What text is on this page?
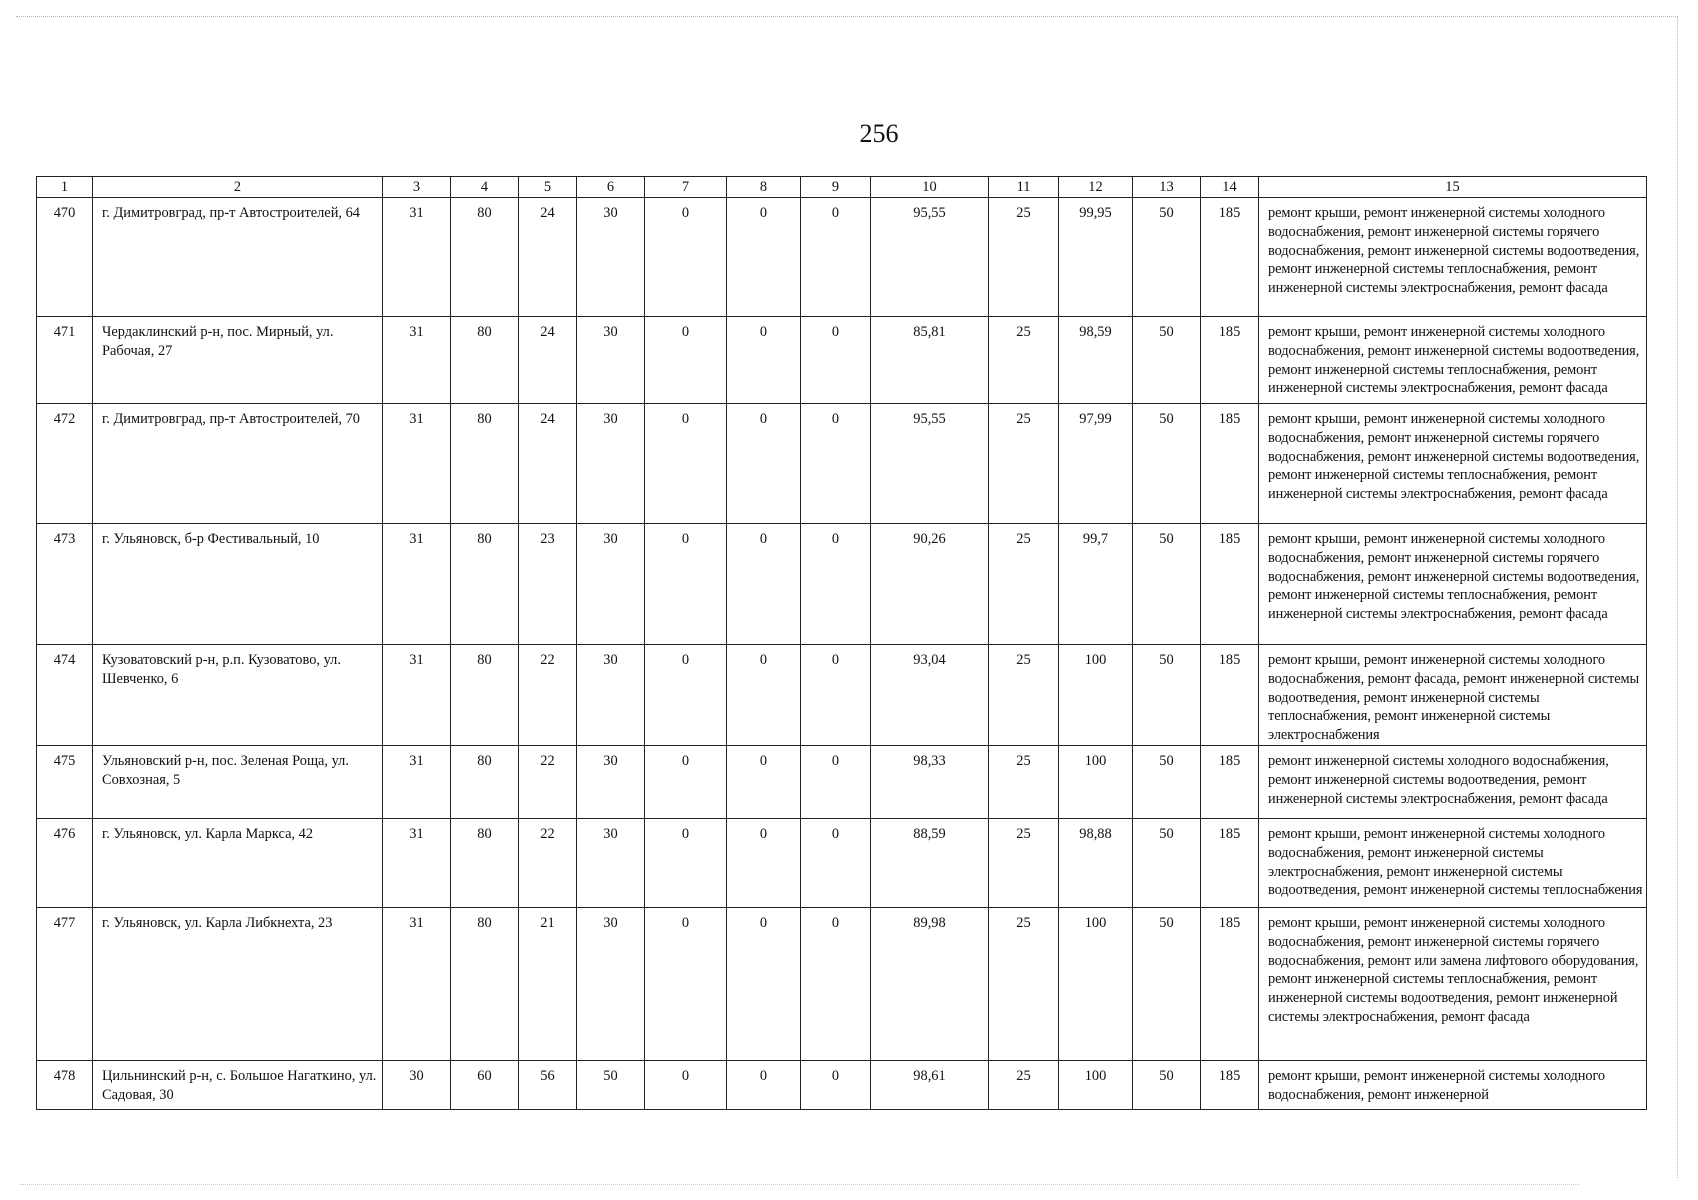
256
1	2	3	4	5	6	7	8	9	10	11	12	13	14	15
470	г. Димитровград, пр-т Автостроителей, 64	31	80	24	30	0	0	0	95,55	25	99,95	50	185	ремонт крыши, ремонт инженерной системы холодного водоснабжения, ремонт инженерной системы горячего водоснабжения, ремонт инженерной системы водоотведения, ремонт инженерной системы теплоснабжения, ремонт инженерной системы электроснабжения, ремонт фасада
471	Чердаклинский р-н, пос. Мирный, ул. Рабочая, 27	31	80	24	30	0	0	0	85,81	25	98,59	50	185	ремонт крыши, ремонт инженерной системы холодного водоснабжения, ремонт инженерной системы водоотведения, ремонт инженерной системы теплоснабжения, ремонт инженерной системы электроснабжения, ремонт фасада
472	г. Димитровград, пр-т Автостроителей, 70	31	80	24	30	0	0	0	95,55	25	97,99	50	185	ремонт крыши, ремонт инженерной системы холодного водоснабжения, ремонт инженерной системы горячего водоснабжения, ремонт инженерной системы водоотведения, ремонт инженерной системы теплоснабжения, ремонт инженерной системы электроснабжения, ремонт фасада
473	г. Ульяновск, б-р Фестивальный, 10	31	80	23	30	0	0	0	90,26	25	99,7	50	185	ремонт крыши, ремонт инженерной системы холодного водоснабжения, ремонт инженерной системы горячего водоснабжения, ремонт инженерной системы водоотведения, ремонт инженерной системы теплоснабжения, ремонт инженерной системы электроснабжения, ремонт фасада
474	Кузоватовский р-н, р.п. Кузоватово, ул. Шевченко, 6	31	80	22	30	0	0	0	93,04	25	100	50	185	ремонт крыши, ремонт инженерной системы холодного водоснабжения, ремонт фасада, ремонт инженерной системы водоотведения, ремонт инженерной системы теплоснабжения, ремонт инженерной системы электроснабжения
475	Ульяновский р-н, пос. Зеленая Роща, ул. Совхозная, 5	31	80	22	30	0	0	0	98,33	25	100	50	185	ремонт инженерной системы холодного водоснабжения, ремонт инженерной системы водоотведения, ремонт инженерной системы электроснабжения, ремонт фасада
476	г. Ульяновск, ул. Карла Маркса, 42	31	80	22	30	0	0	0	88,59	25	98,88	50	185	ремонт крыши, ремонт инженерной системы холодного водоснабжения, ремонт инженерной системы электроснабжения, ремонт инженерной системы водоотведения, ремонт инженерной системы теплоснабжения
477	г. Ульяновск, ул. Карла Либкнехта, 23	31	80	21	30	0	0	0	89,98	25	100	50	185	ремонт крыши, ремонт инженерной системы холодного водоснабжения, ремонт инженерной системы горячего водоснабжения, ремонт или замена лифтового оборудования, ремонт инженерной системы теплоснабжения, ремонт инженерной системы водоотведения, ремонт инженерной системы электроснабжения, ремонт фасада
478	Цильнинский р-н, с. Большое Нагаткино, ул. Садовая, 30	30	60	56	50	0	0	0	98,61	25	100	50	185	ремонт крыши, ремонт инженерной системы холодного водоснабжения, ремонт инженерной
